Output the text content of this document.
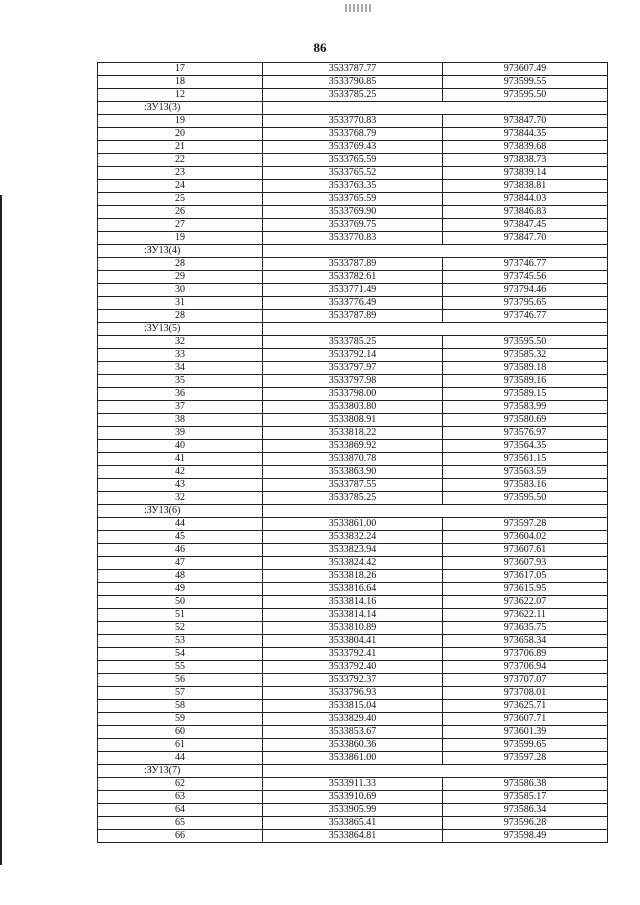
86
17	3533787.77	973607.49
18	3533790.85	973599.55
12	3533785.25	973595.50
:ЗУ13(3)		
19	3533770.83	973847.70
20	3533768.79	973844.35
21	3533769.43	973839.68
22	3533765.59	973838.73
23	3533765.52	973839.14
24	3533763.35	973838.81
25	3533765.59	973844.03
26	3533769.90	973846.83
27	3533769.75	973847.45
19	3533770.83	973847.70
:ЗУ13(4)		
28	3533787.89	973746.77
29	3533782.61	973745.56
30	3533771.49	973794.46
31	3533776.49	973795.65
28	3533787.89	973746.77
:ЗУ13(5)		
32	3533785.25	973595.50
33	3533792.14	973585.32
34	3533797.97	973589.18
35	3533797.98	973589.16
36	3533798.00	973589.15
37	3533803.80	973583.99
38	3533808.91	973580.69
39	3533818.22	973576.97
40	3533869.92	973564.35
41	3533870.78	973561.15
42	3533863.90	973563.59
43	3533787.55	973583.16
32	3533785.25	973595.50
:ЗУ13(6)		
44	3533861.00	973597.28
45	3533832.24	973604.02
46	3533823.94	973607.61
47	3533824.42	973607.93
48	3533818.26	973617.05
49	3533816.64	973615.95
50	3533814.16	973622.07
51	3533814.14	973622.11
52	3533810.89	973635.75
53	3533804.41	973658.34
54	3533792.41	973706.89
55	3533792.40	973706.94
56	3533792.37	973707.07
57	3533796.93	973708.01
58	3533815.04	973625.71
59	3533829.40	973607.71
60	3533853.67	973601.39
61	3533860.36	973599.65
44	3533861.00	973597.28
:ЗУ13(7)		
62	3533911.33	973586.38
63	3533910.69	973585.17
64	3533905.99	973586.34
65	3533865.41	973596.28
66	3533864.81	973598.49
